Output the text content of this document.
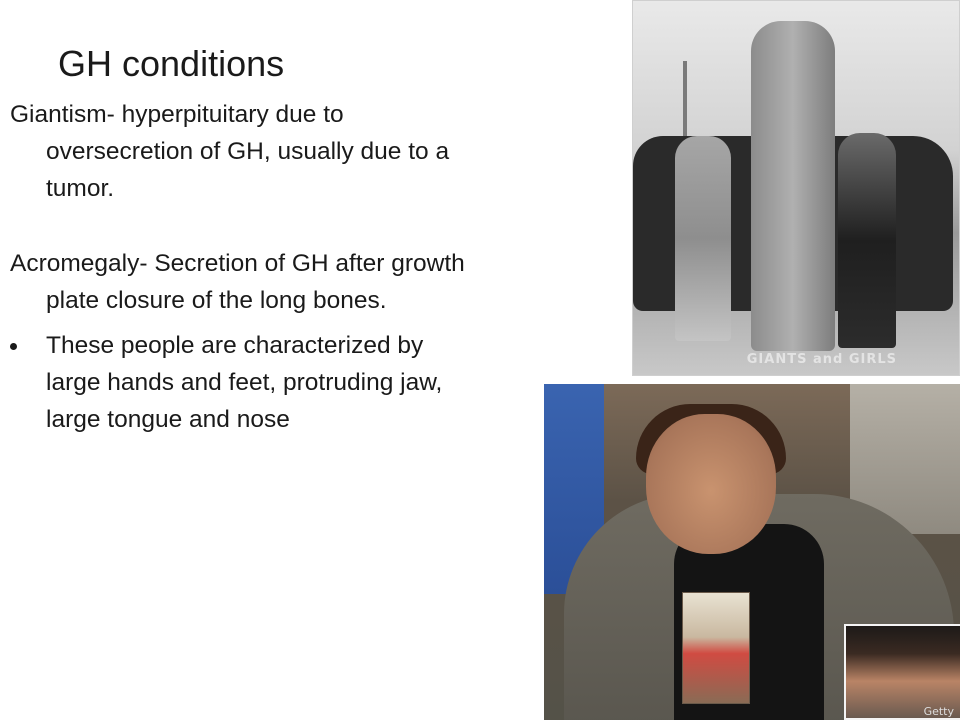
GH conditions

Giantism- hyperpituitary due to oversecretion of GH, usually due to a tumor.

Acromegaly- Secretion of GH after growth plate closure of the long bones.

These people are characterized by large hands and feet, protruding jaw, large tongue and nose
GIANTS and GIRLS
Getty
